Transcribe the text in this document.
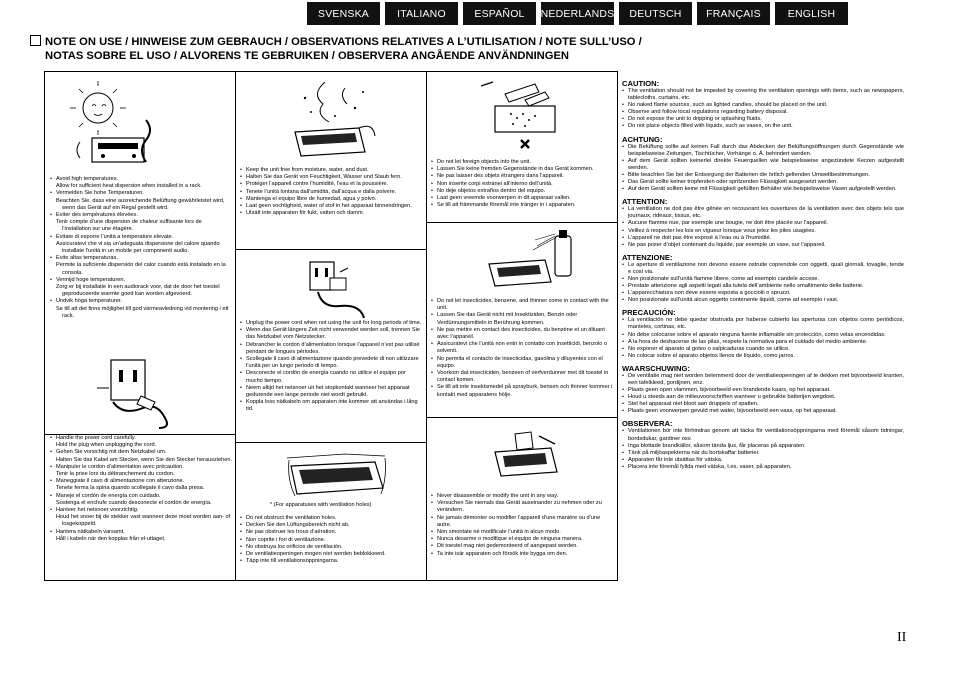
SVENSKA	ITALIANO	ESPAÑOL	NEDERLANDS	DEUTSCH	FRANÇAIS	ENGLISH
NOTE ON USE / HINWEISE ZUM GEBRAUCH / OBSERVATIONS RELATIVES A L’UTILISATION / NOTE SULL’USO /
NOTAS SOBRE EL USO / ALVORENS TE GEBRUIKEN / OBSERVERA ANGÅENDE ANVÄNDNINGEN
• Avoid high temperatures.
Allow for sufficient heat dispersion when installed in a rack.
• Vermeiden Sie hohe Temperaturen.
Beachten Sie, dass eine ausreichende Belüftung gewährleistet wird, wenn das Gerät auf ein Regal gestellt wird.
• Eviter des températures élevées.
Tenir compte d’une dispersion de chaleur suffisante lors de l’installation sur une étagère.
• Evitate di esporre l’unità a temperature elevate.
Assicuratevi che vi sia un’adeguata dispersione del calore quando installate l’unità in un mobile per componenti audio.
• Evite altas temperaturas.
Permite la suficiente dispersión del calor cuando está instalado en la consola.
• Vermijd hoge temperaturen.
Zorg er bij installatie in een audiorack voor, dat de door het toestel geproduceerde warmte goed kan worden afgevoerd.
• Undvik höga temperaturer.
Se till att det finns möjlighet till god värmeavledning vid montering i ett rack.
• Handle the power cord carefully.
Hold the plug when unplugging the cord.
• Gehen Sie vorsichtig mit dem Netzkabel um.
Halten Sie das Kabel am Stecker, wenn Sie den Stecker herausziehen.
• Manipuler le cordon d’alimentation avec précaution.
Tenir la prise lors du débranchement du cordon.
• Maneggiate il cavo di alimentazione con attenzione.
Tenete ferma la spina quando scollegate il cavo dalla presa.
• Maneje el cordón de energía con cuidado.
Sostenga el enchufe cuando desconecte el cordón de energía.
• Hanteer het netsnoer voorzichtig.
Houd het snoer bij de stekker vast wanneer deze moet worden aan- of losgekoppeld.
• Hantera nätkabeln varsamt.
Håll i kabeln när den kopplas från el-uttaget.
• Keep the unit free from moisture, water, and dust.
• Halten Sie das Gerät von Feuchtigkeit, Wasser und Staub fern.
• Protéger l’appareil contre l’humidité, l’eau et la poussière.
• Tenete l’unità lontana dall’umidità, dall’acqua e dalla polvere.
• Mantenga el equipo libre de humedad, agua y polvo.
• Laat geen vochtigheid, water of stof in het apparaat binnendringen.
• Utsätt inte apparaten för fukt, vatten och damm.
• Unplug the power cord when not using the unit for long periods of time.
• Wenn das Gerät längere Zeit nicht verwendet werden soll, trennen Sie das Netzkabel vom Netzstecker.
• Débrancher le cordon d’alimentation lorsque l’appareil n’est pas utilisé pendant de longues périodes.
• Scollegate il cavo di alimentazione quando prevedete di non utilizzare l’unità per un lungo periodo di tempo.
• Desconecte el cordón de energía cuando no utilice el equipo por mucho tiempo.
• Neem altijd het netsnoer uit het stopkontakt wanneer het apparaat gedurende een lange periode niet wordt gebruikt.
• Koppla loss nätkabeln om apparaten inte kommer att användas i lång tid.
* (For apparatuses with ventilation holes)
• Do not obstruct the ventilation holes.
• Decken Sie den Lüftungsbereich nicht ab.
• Ne pas obstruer les trous d’aération.
• Non coprite i fori di ventilazione.
• No obstruya los orificios de ventilación.
• De ventilatieopeningen mogen niet worden beblokkeerd.
• Täpp inte till ventilationsöppningarna.
• Do not let foreign objects into the unit.
• Lassen Sie keine fremden Gegenstände in das Gerät kommen.
• Ne pas laisser des objets étrangers dans l’appareil.
• Non inserite corpi estranei all’interno dell’unità.
• No deje objetos extraños dentro del equipo.
• Laat geen vreemde voorwerpen in dit apparaat vallen.
• Se till att främmande föremål inte tränger in i apparaten.
• Do not let insecticides, benzene, and thinner come in contact with the unit.
• Lassen Sie das Gerät nicht mit Insektiziden, Benzin oder Verdünnungsmitteln in Berührung kommen.
• Ne pas mettre en contact des insecticides, du benzène et un diluant avec l’appareil.
• Assicuratevi che l’unità non entri in contatto con insetticidi, benzolo o solventi.
• No permita el contacto de insecticidas, gasolina y diluyentes con el equipo.
• Voorkom dat insecticiden, benzeen of verfverdunner met dit toestel in contact komen.
• Se till att inte insektsmedel på sprayburk, bensen och thinner kommer i kontakt med apparatens hölje.
• Never disassemble or modify the unit in any way.
• Versuchen Sie niemals das Gerät auseinander zu nehmen oder zu verändern.
• Ne jamais démonter ou modifier l’appareil d’une manière ou d’une autre.
• Non smontate né modificate l’unità in alcun modo.
• Nunca desarme o modifique el equipo de ninguna manera.
• Dit toestel mag niet gedemonteerd of aangepast worden.
• Ta inte isär apparaten och försök inte bygga om den.
CAUTION:
• The ventilation should not be impeded by covering the ventilation openings with items, such as newspapers, tablecloths, curtains, etc.
• No naked flame sources, such as lighted candles, should be placed on the unit.
• Observe and follow local regulations regarding battery disposal.
• Do not expose the unit to dripping or splashing fluids.
• Do not place objects filled with liquids, such as vases, on the unit.
ACHTUNG:
• Die Belüftung sollte auf keinen Fall durch das Abdecken der Belüftungsöffnungen durch Gegenstände wie beispielsweise Zeitungen, Tischtücher, Vorhänge o. Ä. behindert werden.
• Auf dem Gerät sollten keinerlei direkte Feuerquellen wie beispielsweise angezündete Kerzen aufgestellt werden.
• Bitte beachten Sie bei der Entsorgung der Batterien die örtlich geltenden Umweltbestimmungen.
• Das Gerät sollte keiner tropfenden oder spritzenden Flüssigkeit ausgesetzt werden.
• Auf dem Gerät sollten keine mit Flüssigkeit gefüllten Behälter wie beispielsweise Vasen aufgestellt werden.
ATTENTION:
• La ventilation ne doit pas être gênée en recouvrant les ouvertures de la ventilation avec des objets tels que journaux, rideaux, tissus, etc.
• Aucune flamme nue, par exemple une bougie, ne doit être placée sur l’appareil.
• Veillez à respecter les lois en vigueur lorsque vous jetez les piles usagées.
• L’appareil ne doit pas être exposé à l’eau ou à l’humidité.
• Ne pas poser d’objet contenant du liquide, par exemple un vase, sur l’appareil.
ATTENZIONE:
• Le aperture di ventilazione non devono essere ostruite coprendole con oggetti, quali giornali, tovaglie, tende e così via.
• Non posizionate sull’unità fiamme libere, come ad esempio candele accese.
• Prestate attenzione agli aspetti legati alla tutela dell’ambiente nello smaltimento delle batterie.
• L’apparecchiatura non deve essere esposta a gocciolii o spruzzi.
• Non posizionate sull’unità alcun oggetto contenente liquidi, come ad esempio i vasi.
PRECAUCIÓN:
• La ventilación no debe quedar obstruida por haberse cubierto las aperturas con objetos como periódicos, manteles, cortinas, etc.
• No debe colocarse sobre el aparato ninguna fuente inflamable sin protección, como velas encendidas.
• A la hora de deshacerse de las pilas, respete la normativa para el cuidado del medio ambiente.
• No exponer el aparato al goteo o salpicaduras cuando se utilice.
• No colocar sobre el aparato objetos llenos de líquido, como jarros.
WAARSCHUWING:
• De ventilatie mag niet worden belemmerd door de ventilatieopeningen af te dekken met bijvoorbeeld kranten, een tafelkleed, gordijnen, enz.
• Plaats geen open vlammen, bijvoorbeeld een brandende kaars, op het apparaat.
• Houd u steeds aan de milieuvoorschriften wanneer u gebruikte batterijen wegdoet.
• Stel het apparaat niet bloot aan druppels of spatten.
• Plaats geen voorwerpen gevuld met water, bijvoorbeeld een vaas, op het apparaat.
OBSERVERA:
• Ventilationen bör inte förhindras genom att täcka för ventilationsöppningarna med föremål såsom tidningar, bordsdukar, gardiner osv.
• Inga blottade brandkällor, såsom tända ljus, får placeras på apparaten.
• Tänk på miljöaspekterna när du bortskaffar batterier.
• Apparaten får inte utsättas för vätska.
• Placera inte föremål fyllda med vätska, t.ex. vaser, på apparaten.
II
